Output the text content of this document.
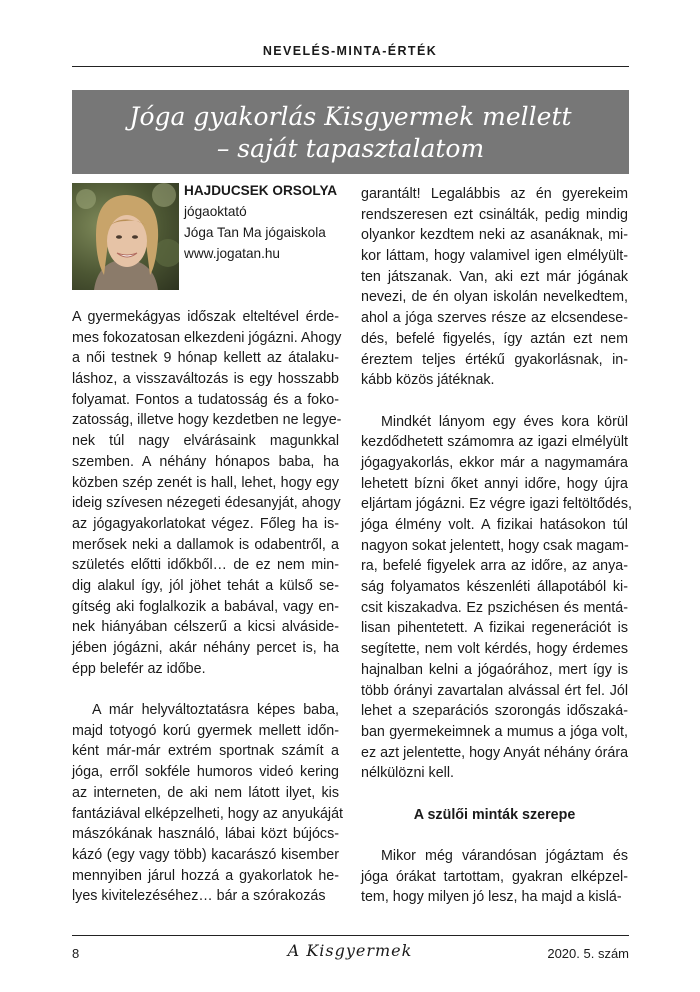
NEVELÉS-MINTA-ÉRTÉK
Jóga gyakorlás Kisgyermek mellett
– saját tapasztalatom
HAJDUCSEK ORSOLYA
jógaoktató
Jóga Tan Ma jógaiskola
www.jogatan.hu

A gyermekágyas időszak elteltével érde-
mes fokozatosan elkezdeni jógázni. Ahogy
a női testnek 9 hónap kellett az átalaku-
láshoz, a visszaváltozás is egy hosszabb
folyamat. Fontos a tudatosság és a foko-
zatosság, illetve hogy kezdetben ne legye-
nek túl nagy elvárásaink magunkkal
szemben. A néhány hónapos baba, ha
közben szép zenét is hall, lehet, hogy egy
ideig szívesen nézegeti édesanyját, ahogy
az jógagyakorlatokat végez. Főleg ha is-
merősek neki a dallamok is odabentről, a
születés előtti időkből… de ez nem min-
dig alakul így, jól jöhet tehát a külső se-
gítség aki foglalkozik a babával, vagy en-
nek hiányában célszerű a kicsi alváside-
jében jógázni, akár néhány percet is, ha
épp belefér az időbe.

A már helyváltoztatásra képes baba,
majd totyogó korú gyermek mellett időn-
ként már-már extrém sportnak számít a
jóga, erről sokféle humoros videó kering
az interneten, de aki nem látott ilyet, kis
fantáziával elképzelheti, hogy az anyukáját
mászókának használó, lábai közt bújócs-
kázó (egy vagy több) kacarászó kisember
mennyiben járul hozzá a gyakorlatok he-
lyes kivitelezéséhez… bár a szórakozás

garantált! Legalábbis az én gyerekeim
rendszeresen ezt csinálták, pedig mindig
olyankor kezdtem neki az asanáknak, mi-
kor láttam, hogy valamivel igen elmélyült-
ten játszanak. Van, aki ezt már jógának
nevezi, de én olyan iskolán nevelkedtem,
ahol a jóga szerves része az elcsendese-
dés, befelé figyelés, így aztán ezt nem
éreztem teljes értékű gyakorlásnak, in-
kább közös játéknak.

Mindkét lányom egy éves kora körül
kezdődhetett számomra az igazi elmélyült
jógagyakorlás, ekkor már a nagymamára
lehetett bízni őket annyi időre, hogy újra
eljártam jógázni. Ez végre igazi feltöltődés,
jóga élmény volt. A fizikai hatásokon túl
nagyon sokat jelentett, hogy csak magam-
ra, befelé figyelek arra az időre, az anya-
ság folyamatos készenléti állapotából ki-
csit kiszakadva. Ez pszichésen és mentá-
lisan pihentetett. A fizikai regenerációt is
segítette, nem volt kérdés, hogy érdemes
hajnalban kelni a jógaórához, mert így is
több órányi zavartalan alvással ért fel. Jól
lehet a szeparációs szorongás időszaká-
ban gyermekeimnek a mumus a jóga volt,
ez azt jelentette, hogy Anyát néhány órára
nélkülözni kell.

A szülői minták szerepe

Mikor még várandósan jógáztam és
jóga órákat tartottam, gyakran elképzel-
tem, hogy milyen jó lesz, ha majd a kislá-

8	A Kisgyermek	2020. 5. szám
